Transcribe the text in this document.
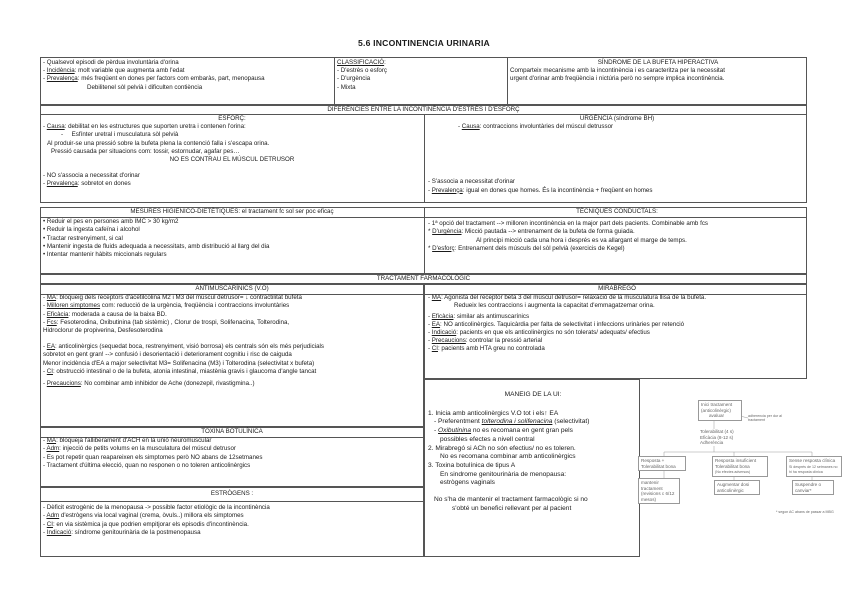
5.6 INCONTINENCIA URINARIA

- Qualsevol episodi de pèrdua involuntària d'orina

- Incidència: molt variable que augmenta amb l'edat

- Prevalença: més freqüent en dones per factors com embaràs, part, menopausa

Debilitenel sòl pelvià i dificulten contiència

CLASSIFICACIÓ:

- D'estrès o esforç

- D'urgència

- Mixta

SÍNDROME DE LA BUFETA HIPERACTIVA

Comparteix mecanisme amb la incontinència i es caracteritza per la necessitat

urgent d'orinar amb freqüència i nictúria però no sempre implica incontinència.

DIFERÈNCIES ENTRE LA INCONTINÈNCIA D'ESTRÈS I D'ESFORÇ

ESFORÇ:

- Causa: debilitat en les estructures que suporten uretra i contenen l'orina:

-     Esfínter uretral i musculatura sòl pelvià

Al produir-se una pressió sobre la bufeta plena la contenció falla i s'escapa orina.

Pressió causada per situacions com: tossir, estornudar, agafar pes…

NO ES CONTRAU EL MÚSCUL DETRUSOR

- NO s'associa a necessitat d'orinar

- Prevalença: sobretot en dones

URGÈNCIA (síndrome BH)

- Causa: contraccions involuntàries del múscul detrussor

- S'associa a necessitat d'orinar

- Prevalença: igual en dones que homes. És la incontinència + freqüent en homes

MESURES HIGIENICO-DIETÈTIQUES: el tractament fc sol ser poc eficaç

• Reduir el pes en persones amb IMC > 30 kg/m2

• Reduir la ingesta cafeïna i alcohol

• Tractar restrenyiment, si cal

• Mantenir ingesta de fluids adequada a necessitats, amb distribució al llarg del dia

• Intentar mantenir hàbits miccionals regulars

TÈCNIQUES CONDUCTALS:

- 1ª opció del tractament --> milloren incontinència en la major part dels pacients. Combinable amb fcs

* D'urgència: Micció pautada --> entrenament de la bufeta de forma guiada.

Al principi micció cada una hora i després es va allargant el marge de temps.

* D'esforç: Entrenament dels músculs del sòl pelvià (exercicis de Kegel)

TRACTAMENT FARMACOLÒGIC

ANTIMUSCARÍNICS (V.O)

- MA: bloqueig dels receptors d'acetilcolina M2 i M3 del múscul detrusor= ↓ contractilitat bufeta

- Milloren simptomes com: reducció de la urgència, freqüència i contraccions involuntàries

- Eficàcia: moderada a causa de la baixa BD.

- Fcs: Fesoterodina, Oxibutinina (tab sistèmic) , Clorur de trospi, Solifenacina, Tolterodina,

Hidroclorur de propiverina, Desfesoterodina

- EA: anticolinèrgics (sequedat boca, restrenyiment, visió borrosa) els centrals són els més perjudicials

sobretot en gent gran! --> confusió i desorientació i deteriorament cognitiu i risc de caiguda

Menor incidència d'EA a major selectivitat M3= Solifenacina (M3) i Tolterodina (selectivitat x bufeta)

- CI: obstrucció intestinal o de la bufeta, atonia intestinal, miastènia gravis i glaucoma d'angle tancat

- Precaucions: No combinar amb inhibidor de Ache (donezepil, rivastigmina..)

MIRABREGÓ

- MA: Agonista del receptor beta 3 del múscul detrusor= relaxació de la musculatura llisa de la bufeta.

Redueix les contraccions i augmenta la capacitat d'emmagatzemar orina.

- Eficàcia: similar als antimuscarínics

- EA: NO anticolinèrgics. Taquicàrdia per falta de selectivitat i infeccions urinàries per retenció

- Indicació: pacients en que els anticolinèrgics no són tolerats/ adequats/ efectius

- Precaucions: controlar la pressió arterial

- CI: pacients amb HTA greu no controlada

TOXINA BOTULÍNICA

- MA: bloqueja l'alliberament d'ACH en la unió neuromuscular

- Adm: injecció de petits volums en la musculatura del múscul detrusor

- Es pot repetir quan reapareixen els simptomes però NO abans de 12setmanes

- Tractament d'última elecció, quan no responen o no toleren anticolinèrgics

ESTRÒGENS :

- Dèficit estrogènic de la menopausa -> possible factor etiològic de la incontinència

- Adm d'estrògens via local vaginal (crema, òvuls..) millora els simptomes

- CI: en via sistèmica ja que podrien empitjorar els episodis d'incontinència.

- Indicació: síndrome genitourinària de la postmenopausa

MANEIG DE LA UI:

1. Inicia amb anticolinèrgics V.O tot i els↑ EA

- Preferentment tolterodina i solifenacina (selectivitat)

- Oxibutinina no es recomana en gent gran pels

possibles efectes a nivell central

2. Mirabregó si ACh no són efectius/ no es toleren.

No es recomana combinar amb anticolinèrgics

3. Toxina botulínica de tipus A

En sindrome genitourinària de menopausa:

estrògens vaginals

No s'ha de mantenir el tractament farmacològic si no

s'obté un benefici rellevant per al pacient

Inici tractament (anticolinèrgic)
avaluar	adherencia per dur al tractament
Tolerabilitat (4 s)
Eficàcia (8-12 s)
Adherència
Resposta + Tolerabilitat bona
Resposta insuficient Tolerabilitat bona
(No efectes adversos)
Sense resposta clínica
Si després de 12 setmanes no hi ha resposta clínica
mantenir tractament (revisions c 6/12 mesos)
Augmentar dosi anticolinèrgic
Suspendre o canviar*
* segon AC abans de passar a MBG
